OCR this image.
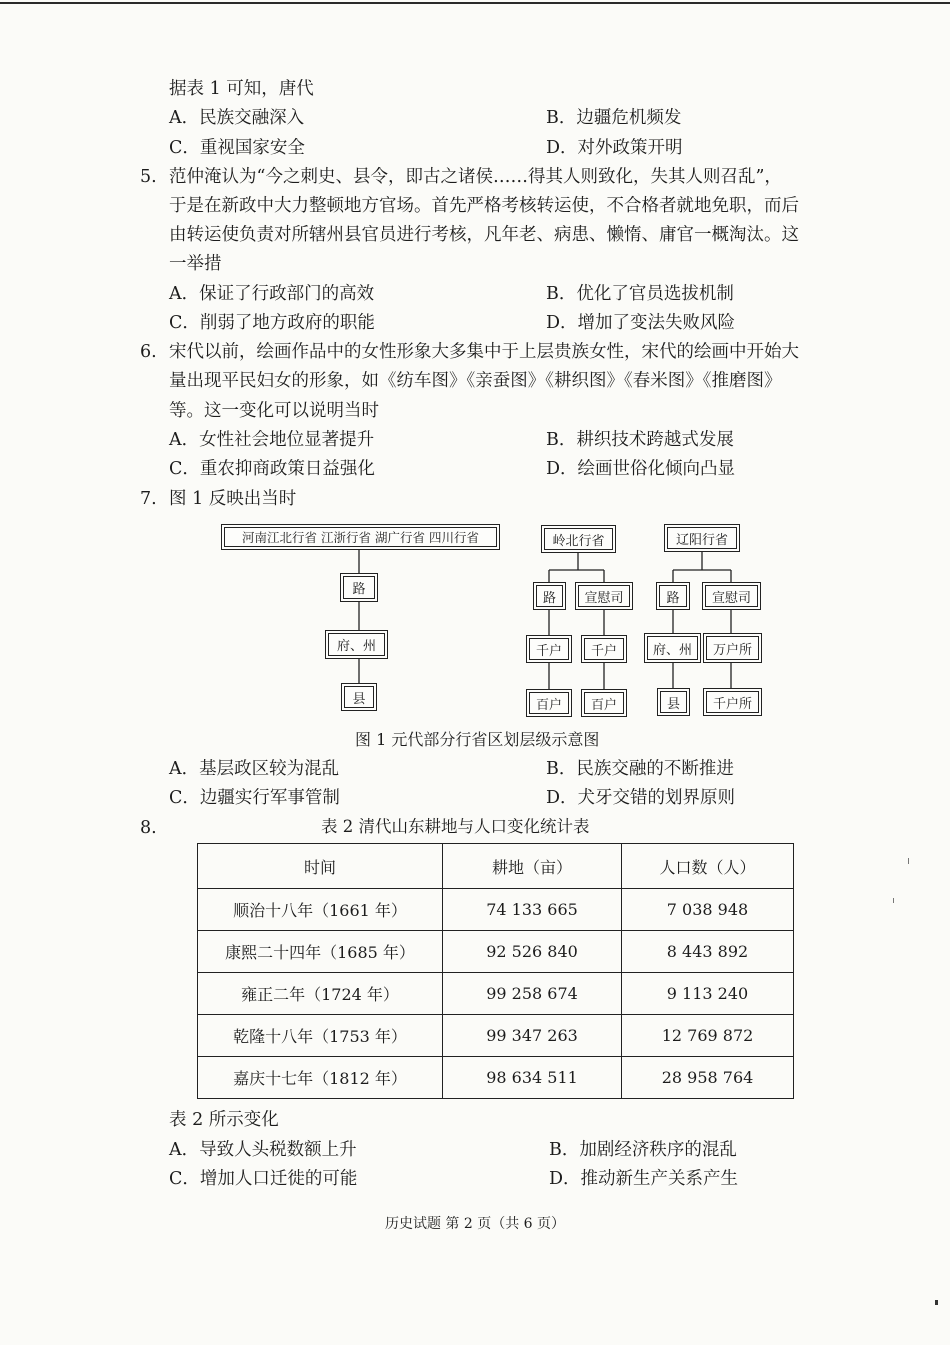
据表 1 可知，唐代
A．民族交融深入	B．边疆危机频发
C．重视国家安全	D．对外政策开明
5. 范仲淹认为“今之刺史、县令，即古之诸侯……得其人则致化，失其人则召乱”，
于是在新政中大力整顿地方官场。首先严格考核转运使，不合格者就地免职，而后
由转运使负责对所辖州县官员进行考核，凡年老、病患、懒惰、庸官一概淘汰。这
一举措
A．保证了行政部门的高效	B．优化了官员选拔机制
C．削弱了地方政府的职能	D．增加了变法失败风险
6. 宋代以前，绘画作品中的女性形象大多集中于上层贵族女性，宋代的绘画中开始大
量出现平民妇女的形象，如《纺车图》《亲蚕图》《耕织图》《春米图》《推磨图》
等。这一变化可以说明当时
A．女性社会地位显著提升	B．耕织技术跨越式发展
C．重农抑商政策日益强化	D．绘画世俗化倾向凸显
7. 图 1 反映出当时
河南江北行省 江浙行省 湖广行省 四川行省
路
府、州
县
岭北行省
路	宣慰司
千户	千户
百户	百户
辽阳行省
路	宣慰司
府、州	万户所
县	千户所
图 1 元代部分行省区划层级示意图
A．基层政区较为混乱	B．民族交融的不断推进
C．边疆实行军事管制	D．犬牙交错的划界原则
8.	表 2 清代山东耕地与人口变化统计表
时间	耕地（亩）	人口数（人）
顺治十八年（1661 年）	74 133 665	7 038 948
康熙二十四年（1685 年）	92 526 840	8 443 892
雍正二年（1724 年）	99 258 674	9 113 240
乾隆十八年（1753 年）	99 347 263	12 769 872
嘉庆十七年（1812 年）	98 634 511	28 958 764
表 2 所示变化
A．导致人头税数额上升	B．加剧经济秩序的混乱
C．增加人口迁徙的可能	D．推动新生产关系产生
历史试题 第 2 页（共 6 页）
